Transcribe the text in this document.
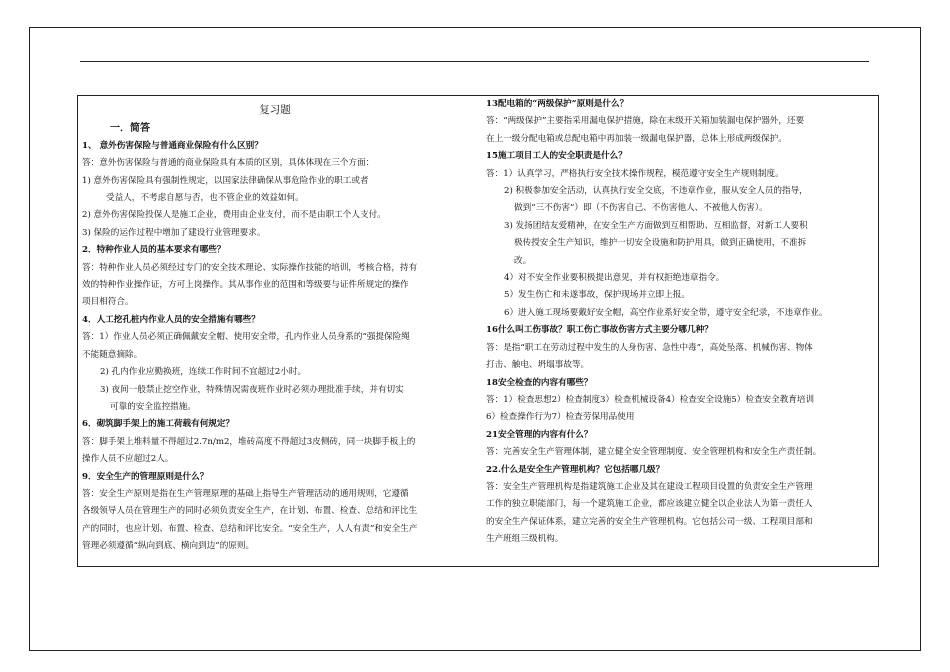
复习题
一．简答
1、 意外伤害保险与普通商业保险有什么区别？
答：意外伤害保险与普通的商业保险具有本质的区别，具体体现在三个方面：
1) 意外伤害保险具有强制性规定，以国家法律确保从事危险作业的职工或者
受益人，不考虑自愿与否，也不管企业的效益如何。
2) 意外伤害保险投保人是施工企业，费用由企业支付，而不是由职工个人支付。
3) 保险的运作过程中增加了建设行业管理要求。
2．特种作业人员的基本要求有哪些？
答：特种作业人员必须经过专门的安全技术理论、实际操作技能的培训，考核合格，持有
效的特种作业操作证，方可上岗操作。其从事作业的范围和等级要与证件所规定的操作
项目相符合。
4．人工挖孔桩内作业人员的安全措施有哪些？
答：1）作业人员必须正确佩戴安全帽、使用安全带，孔内作业人员身系的“强提保险绳
不能随意摘除。
2) 孔内作业应勤换班，连续工作时间不宜超过2小时。
3) 夜间一般禁止挖空作业，特殊情况需夜班作业时必须办理批准手续，并有切实
可靠的安全监控措施。
6．砌筑脚手架上的施工荷载有何规定？
答：脚手架上堆料量不得超过2.7n/m2，堆砖高度不得超过3皮侧砖，同一块脚手板上的
操作人员不应超过2人。
9．安全生产的管理原则是什么？
答：安全生产原则是指在生产管理原理的基础上指导生产管理活动的通用规则，它遵循
各级领导人员在管理生产的同时必须负责安全生产，在计划、布置、检查、总结和评比生
产的同时，也应计划、布置、检查、总结和评比安全。“安全生产，人人有责”和安全生产
管理必须遵循“纵向到底、横向到边”的原则。
13配电箱的“两级保护”原则是什么？
答：“两级保护”主要指采用漏电保护措施，除在末级开关箱加装漏电保护器外，还要
在上一级分配电箱或总配电箱中再加装一级漏电保护器，总体上形成两级保护。
15施工项目工人的安全职责是什么？
答：1）认真学习，严格执行安全技术操作规程，模范遵守安全生产规则制度。
2) 积极参加安全活动，认真执行安全交底，不违章作业，服从安全人员的指导，
做到“三不伤害”）即（不伤害自己、不伤害他人、不被他人伤害）。
3) 发扬团结友爱精神，在安全生产方面做到互相帮助、互相监督，对新工人要积
极传授安全生产知识，维护一切安全设施和防护用具，做到正确使用，不准拆
改。
4）对不安全作业要积极提出意见，并有权拒绝违章指令。
5）发生伤亡和未遂事故，保护现场并立即上报。
6）进入施工现场要戴好安全帽，高空作业系好安全带，遵守安全纪录，不违章作业。
16什么叫工伤事故？职工伤亡事故伤害方式主要分哪几种？
答：是指“职工在劳动过程中发生的人身伤害、急性中毒”，高处坠落、机械伤害、物体
打击、触电、坍塌事故等。
18安全检查的内容有哪些？
答：1）检查思想2）检查制度3）检查机械设备4）检查安全设施5）检查安全教育培训
6）检查操作行为7）检查劳保用品使用
21安全管理的内容有什么？
答：完善安全生产管理体制，建立健全安全管理制度、安全管理机构和安全生产责任制。
22.什么是安全生产管理机构？它包括哪几级？
答：安全生产管理机构是指建筑施工企业及其在建设工程项目设置的负责安全生产管理
工作的独立职能部门，每一个建筑施工企业，都应该建立健全以企业法人为第一责任人
的安全生产保证体系，建立完善的安全生产管理机构。它包括公司一级、工程项目部和
生产班组三级机构。
